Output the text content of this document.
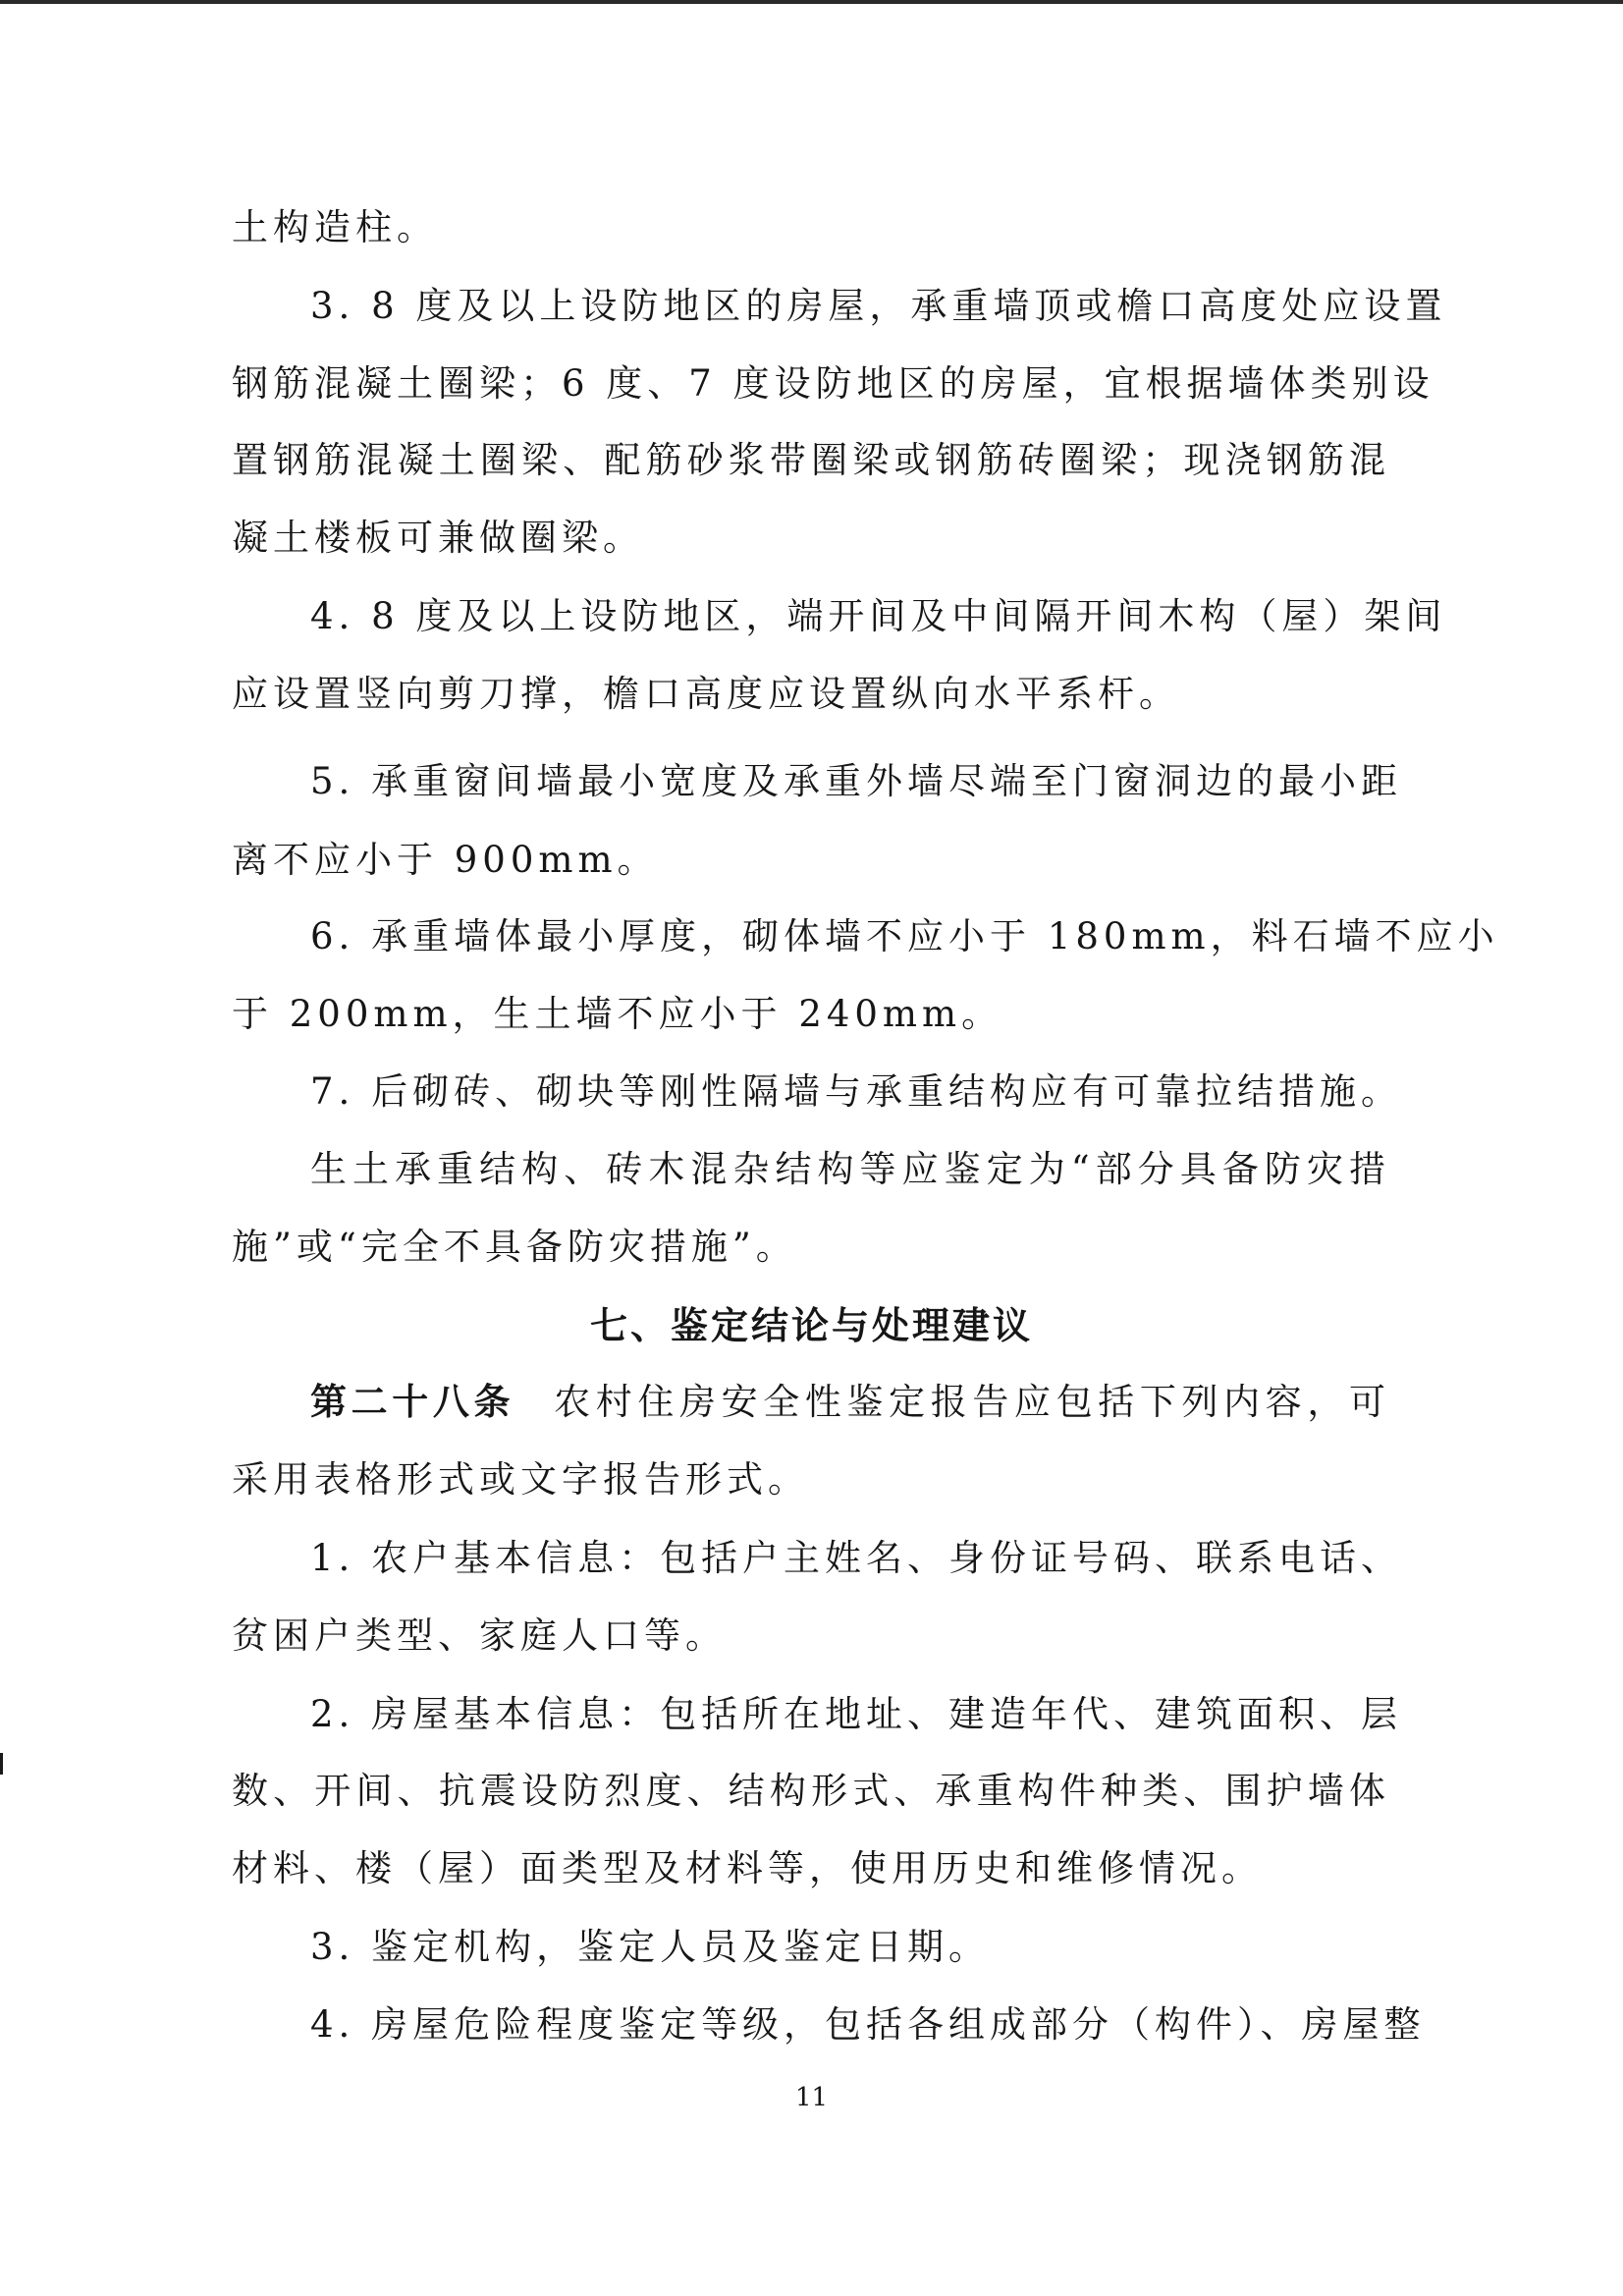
土构造柱。
3. 8 度及以上设防地区的房屋，承重墙顶或檐口高度处应设置
钢筋混凝土圈梁；6 度、7 度设防地区的房屋，宜根据墙体类别设
置钢筋混凝土圈梁、配筋砂浆带圈梁或钢筋砖圈梁；现浇钢筋混
凝土楼板可兼做圈梁。
4. 8 度及以上设防地区，端开间及中间隔开间木构（屋）架间
应设置竖向剪刀撑，檐口高度应设置纵向水平系杆。
5. 承重窗间墙最小宽度及承重外墙尽端至门窗洞边的最小距
离不应小于 900mm。
6. 承重墙体最小厚度，砌体墙不应小于 180mm，料石墙不应小
于 200mm，生土墙不应小于 240mm。
7. 后砌砖、砌块等刚性隔墙与承重结构应有可靠拉结措施。
生土承重结构、砖木混杂结构等应鉴定为“部分具备防灾措
施”或“完全不具备防灾措施”。
七、鉴定结论与处理建议
第二十八条 农村住房安全性鉴定报告应包括下列内容，可
采用表格形式或文字报告形式。
1. 农户基本信息：包括户主姓名、身份证号码、联系电话、
贫困户类型、家庭人口等。
2. 房屋基本信息：包括所在地址、建造年代、建筑面积、层
数、开间、抗震设防烈度、结构形式、承重构件种类、围护墙体
材料、楼（屋）面类型及材料等，使用历史和维修情况。
3. 鉴定机构，鉴定人员及鉴定日期。
4. 房屋危险程度鉴定等级，包括各组成部分（构件）、房屋整
11
